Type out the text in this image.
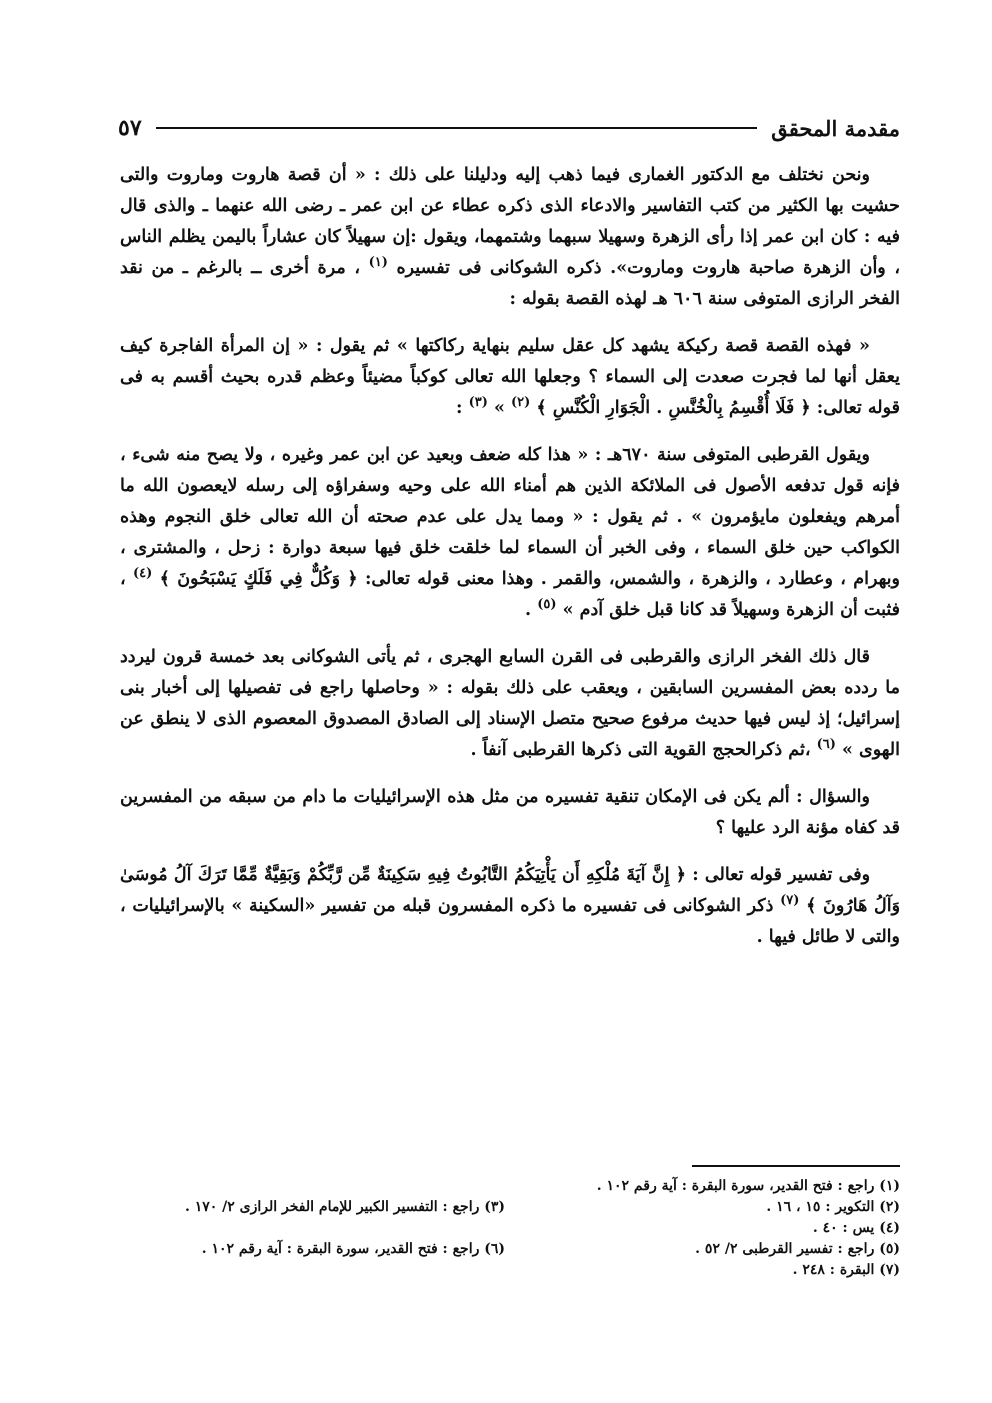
مقدمة المحقق
٥٧

ونحن نختلف مع الدكتور الغمارى فيما ذهب إليه ودليلنا على ذلك : « أن قصة هاروت وماروت والتى حشيت بها الكثير من كتب التفاسير والادعاء الذى ذكره عطاء عن ابن عمر ـ رضى الله عنهما ـ والذى قال فيه : كان ابن عمر إذا رأى الزهرة وسهيلا سبهما وشتمهما، ويقول :إن سهيلاً كان عشاراً باليمن يظلم الناس ، وأن الزهرة صاحبة هاروت وماروت». ذكره الشوكانى فى تفسيره $^{(١)}$ ، مرة أخرى ــ بالرغم ـ من نقد الفخر الرازى المتوفى سنة ٦٠٦ هـ لهذه القصة بقوله :

« فهذه القصة قصة ركيكة يشهد كل عقل سليم بنهاية ركاكتها » ثم يقول : « إن المرأة الفاجرة كيف يعقل أنها لما فجرت صعدت إلى السماء ؟ وجعلها الله تعالى كوكباً مضيئاً وعظم قدره بحيث أقسم به فى قوله تعالى: ﴿ فَلَا أُقْسِمُ بِالْخُنَّسِ . الْجَوَارِ الْكُنَّسِ ﴾ $^{(٢)}$ » $^{(٣)}$ :

ويقول القرطبى المتوفى سنة ٦٧٠هـ : « هذا كله ضعف وبعيد عن ابن عمر وغيره ، ولا يصح منه شىء ، فإنه قول تدفعه الأصول فى الملائكة الذين هم أمناء الله على وحيه وسفراؤه إلى رسله لايعصون الله ما أمرهم ويفعلون مايؤمرون » . ثم يقول : « ومما يدل على عدم صحته أن الله تعالى خلق النجوم وهذه الكواكب حين خلق السماء ، وفى الخبر أن السماء لما خلقت خلق فيها سبعة دوارة : زحل ، والمشترى ، وبهرام ، وعطارد ، والزهرة ، والشمس، والقمر . وهذا معنى قوله تعالى: ﴿ وَكُلٌّ فِي فَلَكٍ يَسْبَحُونَ ﴾ $^{(٤)}$ ، فثبت أن الزهرة وسهيلاً قد كانا قبل خلق آدم » $^{(٥)}$ .

قال ذلك الفخر الرازى والقرطبى فى القرن السابع الهجرى ، ثم يأتى الشوكانى بعد خمسة قرون ليردد ما ردده بعض المفسرين السابقين ، ويعقب على ذلك بقوله : « وحاصلها راجع فى تفصيلها إلى أخبار بنى إسرائيل؛ إذ ليس فيها حديث مرفوع صحيح متصل الإسناد إلى الصادق المصدوق المعصوم الذى لا ينطق عن الهوى » $^{(٦)}$ ،ثم ذكرالحجج القوية التى ذكرها القرطبى آنفاً .

والسؤال : ألم يكن فى الإمكان تنقية تفسيره من مثل هذه الإسرائيليات ما دام من سبقه من المفسرين قد كفاه مؤنة الرد عليها ؟

وفى تفسير قوله تعالى : ﴿ إِنَّ آيَةَ مُلْكِهِ أَن يَأْتِيَكُمُ التَّابُوتُ فِيهِ سَكِينَةٌ مِّن رَّبِّكُمْ وَبَقِيَّةٌ مِّمَّا تَرَكَ آلُ مُوسَىٰ وَآلُ هَارُونَ ﴾ $^{(٧)}$ ذكر الشوكانى فى تفسيره ما ذكره المفسرون قبله من تفسير «السكينة » بالإسرائيليات ، والتى لا طائل فيها .

(١) راجع : فتح القدير، سورة البقرة : آية رقم ١٠٢ .
(٢) التكوير : ١٥ ، ١٦ .
(٣) راجع : التفسير الكبير للإمام الفخر الرازى ٢/ ١٧٠ .
(٤) يس : ٤٠ .
(٥) راجع : تفسير القرطبى ٢/ ٥٢ .
(٦) راجع : فتح القدير، سورة البقرة : آية رقم ١٠٢ .
(٧) البقرة : ٢٤٨ .
